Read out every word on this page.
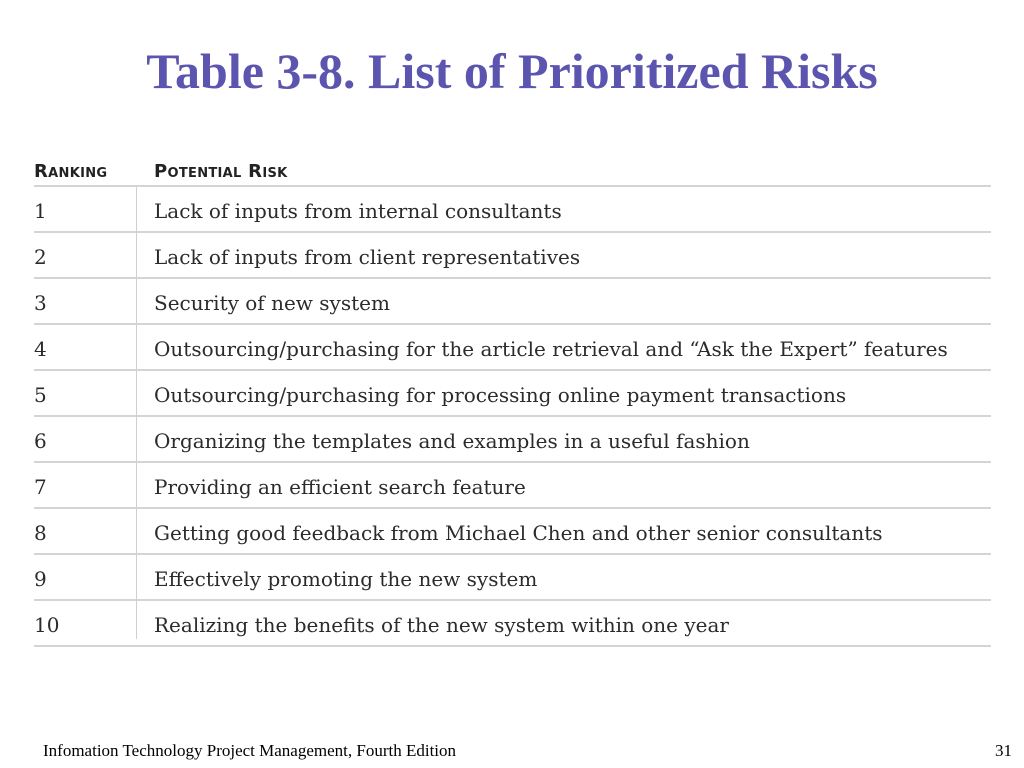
Table 3-8. List of Prioritized Risks
Ranking	Potential Risk
1	Lack of inputs from internal consultants
2	Lack of inputs from client representatives
3	Security of new system
4	Outsourcing/purchasing for the article retrieval and “Ask the Expert” features
5	Outsourcing/purchasing for processing online payment transactions
6	Organizing the templates and examples in a useful fashion
7	Providing an efficient search feature
8	Getting good feedback from Michael Chen and other senior consultants
9	Effectively promoting the new system
10	Realizing the benefits of the new system within one year
Infomation Technology Project Management, Fourth Edition	31
